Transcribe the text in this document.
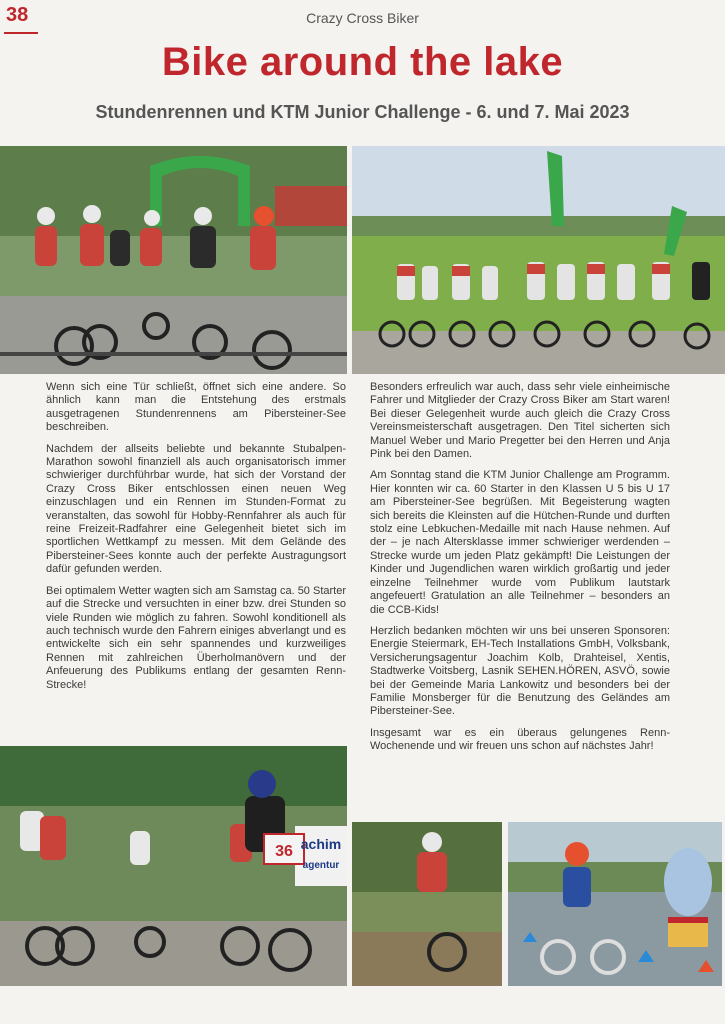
38	Crazy Cross Biker
Bike around the lake
Stundenrennen und KTM Junior Challenge - 6. und 7. Mai 2023

Wenn sich eine Tür schließt, öffnet sich eine andere. So ähnlich kann man die Entstehung des erstmals ausgetragenen Stundenrennens am Pibersteiner-See beschreiben.

Nachdem der allseits beliebte und bekannte Stubalpen-Marathon sowohl finanziell als auch organisatorisch immer schwieriger durchführbar wurde, hat sich der Vorstand der Crazy Cross Biker entschlossen einen neuen Weg einzuschlagen und ein Rennen im Stunden-Format zu veranstalten, das sowohl für Hobby-Rennfahrer als auch für reine Freizeit-Radfahrer eine Gelegenheit bietet sich im sportlichen Wettkampf zu messen. Mit dem Gelände des Pibersteiner-Sees konnte auch der perfekte Austragungsort dafür gefunden werden.

Bei optimalem Wetter wagten sich am Samstag ca. 50 Starter auf die Strecke und versuchten in einer bzw. drei Stunden so viele Runden wie möglich zu fahren. Sowohl konditionell als auch technisch wurde den Fahrern einiges abverlangt und es entwickelte sich ein sehr spannendes und kurzweiliges Rennen mit zahlreichen Überholmanövern und der Anfeuerung des Publikums entlang der gesamten Renn-Strecke!

Besonders erfreulich war auch, dass sehr viele einheimische Fahrer und Mitglieder der Crazy Cross Biker am Start waren! Bei dieser Gelegenheit wurde auch gleich die Crazy Cross Vereinsmeisterschaft ausgetragen. Den Titel sicherten sich Manuel Weber und Mario Pregetter bei den Herren und Anja Pink bei den Damen.

Am Sonntag stand die KTM Junior Challenge am Programm. Hier konnten wir ca. 60 Starter in den Klassen U 5 bis U 17 am Pibersteiner-See begrüßen. Mit Begeisterung wagten sich bereits die Kleinsten auf die Hütchen-Runde und durften stolz eine Lebkuchen-Medaille mit nach Hause nehmen. Auf der – je nach Altersklasse immer schwieriger werdenden – Strecke wurde um jeden Platz gekämpft! Die Leistungen der Kinder und Jugendlichen waren wirklich großartig und jeder einzelne Teilnehmer wurde vom Publikum lautstark angefeuert! Gratulation an alle Teilnehmer – besonders an die CCB-Kids!

Herzlich bedanken möchten wir uns bei unseren Sponsoren: Energie Steiermark, EH-Tech Installations GmbH, Volksbank, Versicherungsagentur Joachim Kolb, Drahteisel, Xentis, Stadtwerke Voitsberg, Lasnik SEHEN.HÖREN, ASVÖ, sowie bei der Gemeinde Maria Lankowitz und besonders bei der Familie Monsberger für die Benutzung des Geländes am Pibersteiner-See.

Insgesamt war es ein überaus gelungenes Renn-Wochenende und wir freuen uns schon auf nächstes Jahr!

36 achim
agentur
